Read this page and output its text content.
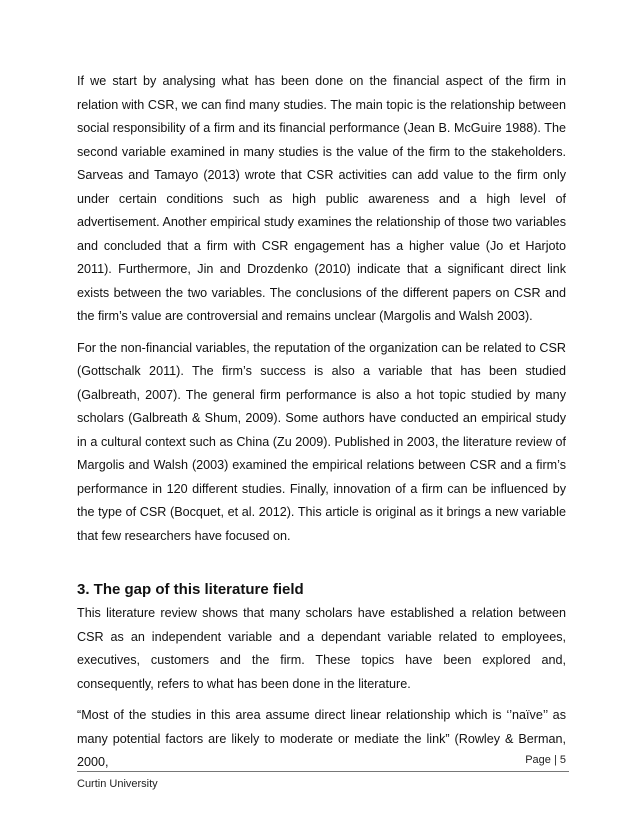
If we start by analysing what has been done on the financial aspect of the firm in relation with CSR, we can find many studies. The main topic is the relationship between social responsibility of a firm and its financial performance (Jean B. McGuire 1988). The second variable examined in many studies is the value of the firm to the stakeholders. Sarveas and Tamayo (2013) wrote that CSR activities can add value to the firm only under certain conditions such as high public awareness and a high level of advertisement. Another empirical study examines the relationship of those two variables and concluded that a firm with CSR engagement has a higher value (Jo et Harjoto 2011). Furthermore, Jin and Drozdenko (2010) indicate that a significant direct link exists between the two variables. The conclusions of the different papers on CSR and the firm’s value are controversial and remains unclear (Margolis and Walsh 2003).

For the non-financial variables, the reputation of the organization can be related to CSR (Gottschalk 2011). The firm’s success is also a variable that has been studied (Galbreath, 2007). The general firm performance is also a hot topic studied by many scholars (Galbreath & Shum, 2009). Some authors have conducted an empirical study in a cultural context such as China (Zu 2009). Published in 2003, the literature review of Margolis and Walsh (2003) examined the empirical relations between CSR and a firm’s performance in 120 different studies. Finally, innovation of a firm can be influenced by the type of CSR (Bocquet, et al. 2012). This article is original as it brings a new variable that few researchers have focused on.

3. The gap of this literature field

This literature review shows that many scholars have established a relation between CSR as an independent variable and a dependant variable related to employees, executives, customers and the firm. These topics have been explored and, consequently, refers to what has been done in the literature.

“Most of the studies in this area assume direct linear relationship which is ‘’naïve’’ as many potential factors are likely to moderate or mediate the link” (Rowley & Berman, 2000,	Page | 5
Curtin University
